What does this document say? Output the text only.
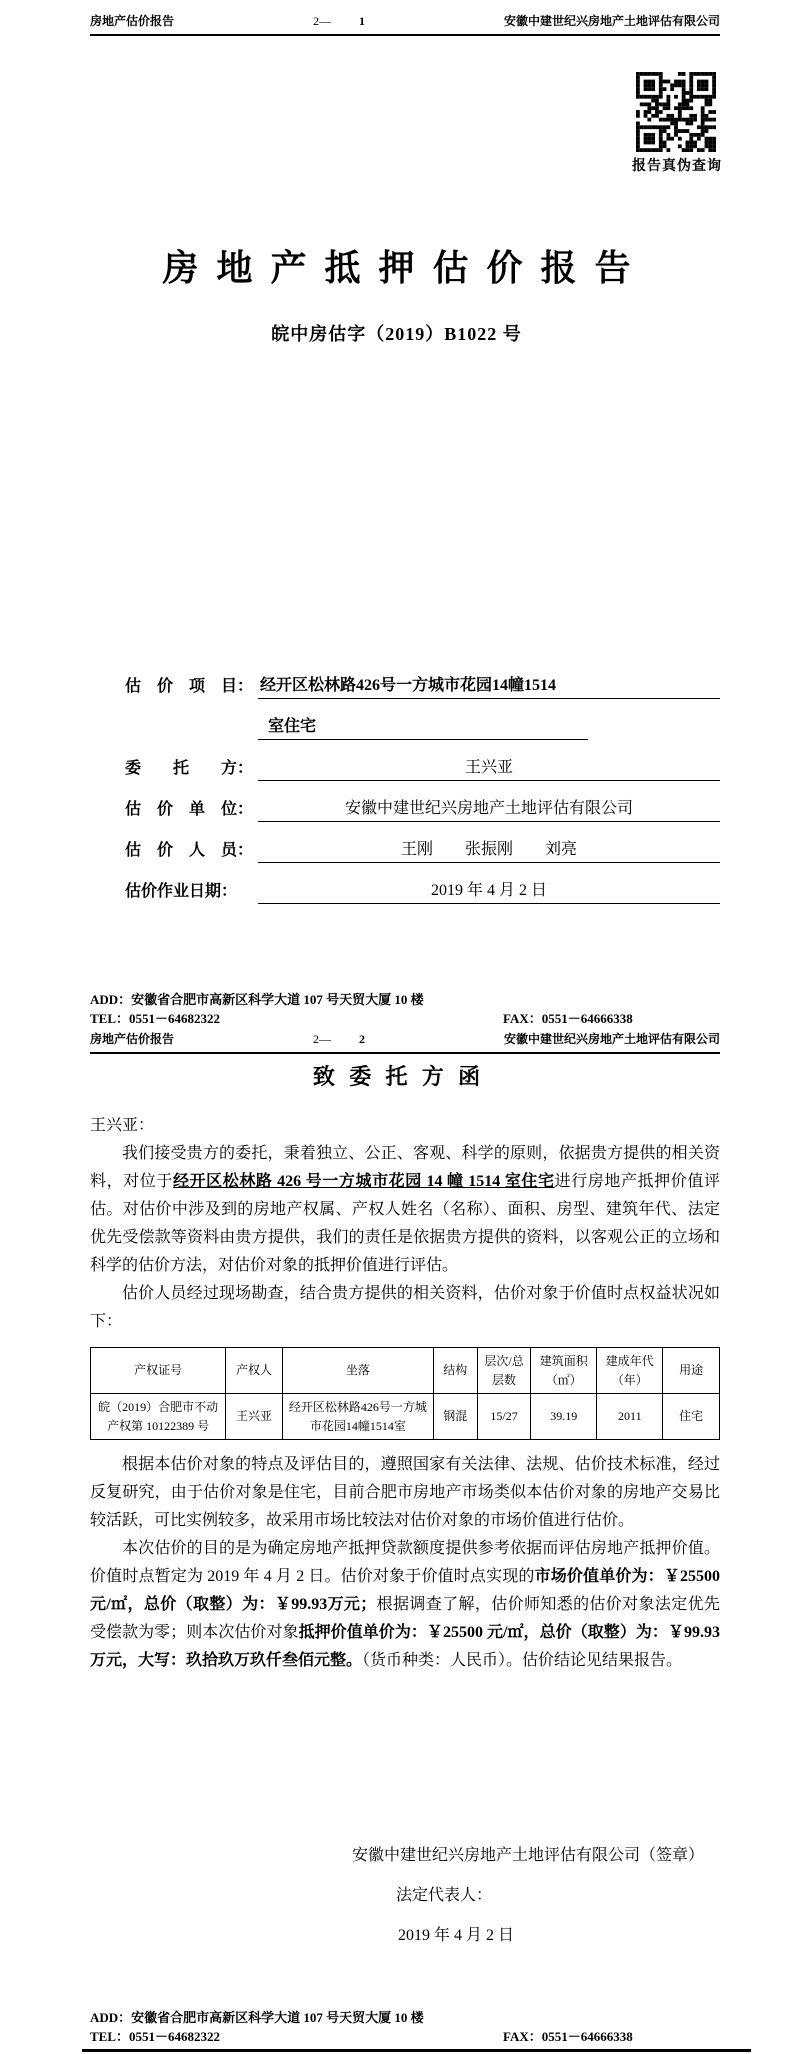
房地产估价报告	2— 1	安徽中建世纪兴房地产土地评估有限公司
报告真伪查询
房地产抵押估价报告
皖中房估字（2019）B1022 号
估　价　项　目： 经开区松林路426号一方城市花园14幢1514
室住宅
委　　托　　方：	王兴亚
估　价　单　位：	安徽中建世纪兴房地产土地评估有限公司
估　价　人　员：	王刚　　张振刚　　刘亮
估价作业日期：	2019 年 4 月 2 日
ADD：安徽省合肥市高新区科学大道 107 号天贸大厦 10 楼
TEL：0551－64682322	FAX：0551－64666338
房地产估价报告	2— 2	安徽中建世纪兴房地产土地评估有限公司
致委托方函
王兴亚：

我们接受贵方的委托，秉着独立、公正、客观、科学的原则，依据贵方提供的相关资料，对位于经开区松林路 426 号一方城市花园 14 幢 1514 室住宅进行房地产抵押价值评估。对估价中涉及到的房地产权属、产权人姓名（名称）、面积、房型、建筑年代、法定优先受偿款等资料由贵方提供，我们的责任是依据贵方提供的资料，以客观公正的立场和科学的估价方法，对估价对象的抵押价值进行评估。

估价人员经过现场勘查，结合贵方提供的相关资料，估价对象于价值时点权益状况如下：

产权证号	产权人	坐落	结构	层次/总层数	建筑面积（㎡）	建成年代（年）	用途
皖（2019）合肥市不动产权第 10122389 号	王兴亚	经开区松林路426号一方城市花园14幢1514室	钢混	15/27	39.19	2011	住宅

根据本估价对象的特点及评估目的，遵照国家有关法律、法规、估价技术标准，经过反复研究，由于估价对象是住宅，目前合肥市房地产市场类似本估价对象的房地产交易比较活跃，可比实例较多，故采用市场比较法对估价对象的市场价值进行估价。

本次估价的目的是为确定房地产抵押贷款额度提供参考依据而评估房地产抵押价值。价值时点暂定为 2019 年 4 月 2 日。估价对象于价值时点实现的市场价值单价为：￥25500元/㎡，总价（取整）为：￥99.93万元；根据调查了解，估价师知悉的估价对象法定优先受偿款为零；则本次估价对象抵押价值单价为：￥25500 元/㎡，总价（取整）为：￥99.93万元，大写：玖拾玖万玖仟叁佰元整。（货币种类：人民币）。估价结论见结果报告。

安徽中建世纪兴房地产土地评估有限公司（签章）
法定代表人：
2019 年 4 月 2 日
ADD：安徽省合肥市高新区科学大道 107 号天贸大厦 10 楼
TEL：0551－64682322	FAX：0551－64666338
